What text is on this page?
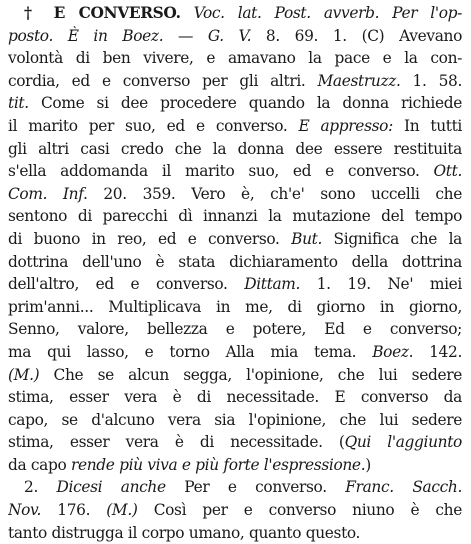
† E CONVERSO. Voc. lat. Post. avverb. Per l'op-
posto. È in Boez. — G. V. 8. 69. 1. (C) Avevano
volontà di ben vivere, e amavano la pace e la con-
cordia, ed e converso per gli altri. Maestruzz. 1. 58.
tit. Come si dee procedere quando la donna richiede
il marito per suo, ed e converso. E appresso: In tutti
gli altri casi credo che la donna dee essere restituita
s'ella addomanda il marito suo, ed e converso. Ott.
Com. Inf. 20. 359. Vero è, ch'e' sono uccelli che
sentono di parecchi dì innanzi la mutazione del tempo
di buono in reo, ed e converso. But. Significa che la
dottrina dell'uno è stata dichiaramento della dottrina
dell'altro, ed e converso. Dittam. 1. 19. Ne' miei
prim'anni... Multiplicava in me, di giorno in giorno,
Senno, valore, bellezza e potere, Ed e converso;
ma qui lasso, e torno Alla mia tema. Boez. 142.
(M.) Che se alcun segga, l'opinione, che lui sedere
stima, esser vera è di necessitade. E converso da
capo, se d'alcuno vera sia l'opinione, che lui sedere
stima, esser vera è di necessitade. (Qui l'aggiunto
da capo rende più viva e più forte l'espressione.)
2. Dicesi anche Per e converso. Franc. Sacch.
Nov. 176. (M.) Così per e converso niuno è che
tanto distrugga il corpo umano, quanto questo.
